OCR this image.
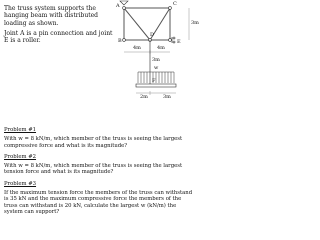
The truss system supports the hanging beam with distributed loading as shown.

Joint A is a pin connection and joint E is a roller.

A	C
B
D
E
F
3m
4m	4m
3m
w
2m	3m
Problem #1
With w = 8 kN/m, which member of the truss is seeing the largest compressive force and what is its magnitude?
Problem #2
With w = 8 kN/m, which member of the truss is seeing the largest tension force and what is its magnitude?
Problem #3
If the maximum tension force the members of the truss can withstand is 35 kN and the maximum compressive force the members of the truss can withstand is 20 kN, calculate the largest w (kN/m) the system can support?
